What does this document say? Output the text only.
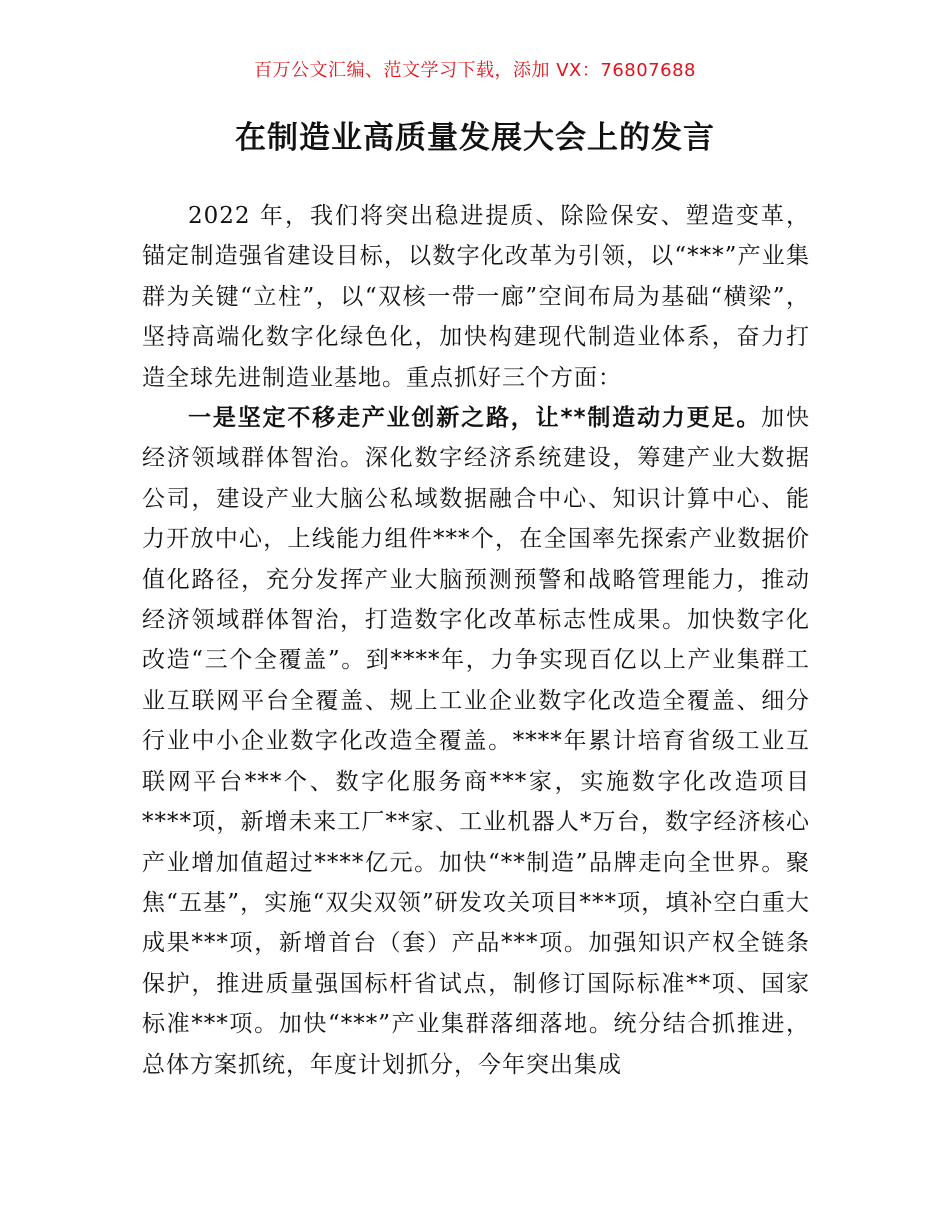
百万公文汇编、范文学习下载，添加 VX：76807688
在制造业高质量发展大会上的发言

2022 年，我们将突出稳进提质、除险保安、塑造变革，锚定制造强省建设目标，以数字化改革为引领，以“***”产业集群为关键“立柱”，以“双核一带一廊”空间布局为基础“横梁”，坚持高端化数字化绿色化，加快构建现代制造业体系，奋力打造全球先进制造业基地。重点抓好三个方面：

一是坚定不移走产业创新之路，让**制造动力更足。加快经济领域群体智治。深化数字经济系统建设，筹建产业大数据公司，建设产业大脑公私域数据融合中心、知识计算中心、能力开放中心，上线能力组件***个，在全国率先探索产业数据价值化路径，充分发挥产业大脑预测预警和战略管理能力，推动经济领域群体智治，打造数字化改革标志性成果。加快数字化改造“三个全覆盖”。到****年，力争实现百亿以上产业集群工业互联网平台全覆盖、规上工业企业数字化改造全覆盖、细分行业中小企业数字化改造全覆盖。****年累计培育省级工业互联网平台***个、数字化服务商***家，实施数字化改造项目****项，新增未来工厂**家、工业机器人*万台，数字经济核心产业增加值超过****亿元。加快“**制造”品牌走向全世界。聚焦“五基”，实施“双尖双领”研发攻关项目***项，填补空白重大成果***项，新增首台（套）产品***项。加强知识产权全链条保护，推进质量强国标杆省试点，制修订国际标准**项、国家标准***项。加快“***”产业集群落细落地。统分结合抓推进，总体方案抓统，年度计划抓分，今年突出集成
